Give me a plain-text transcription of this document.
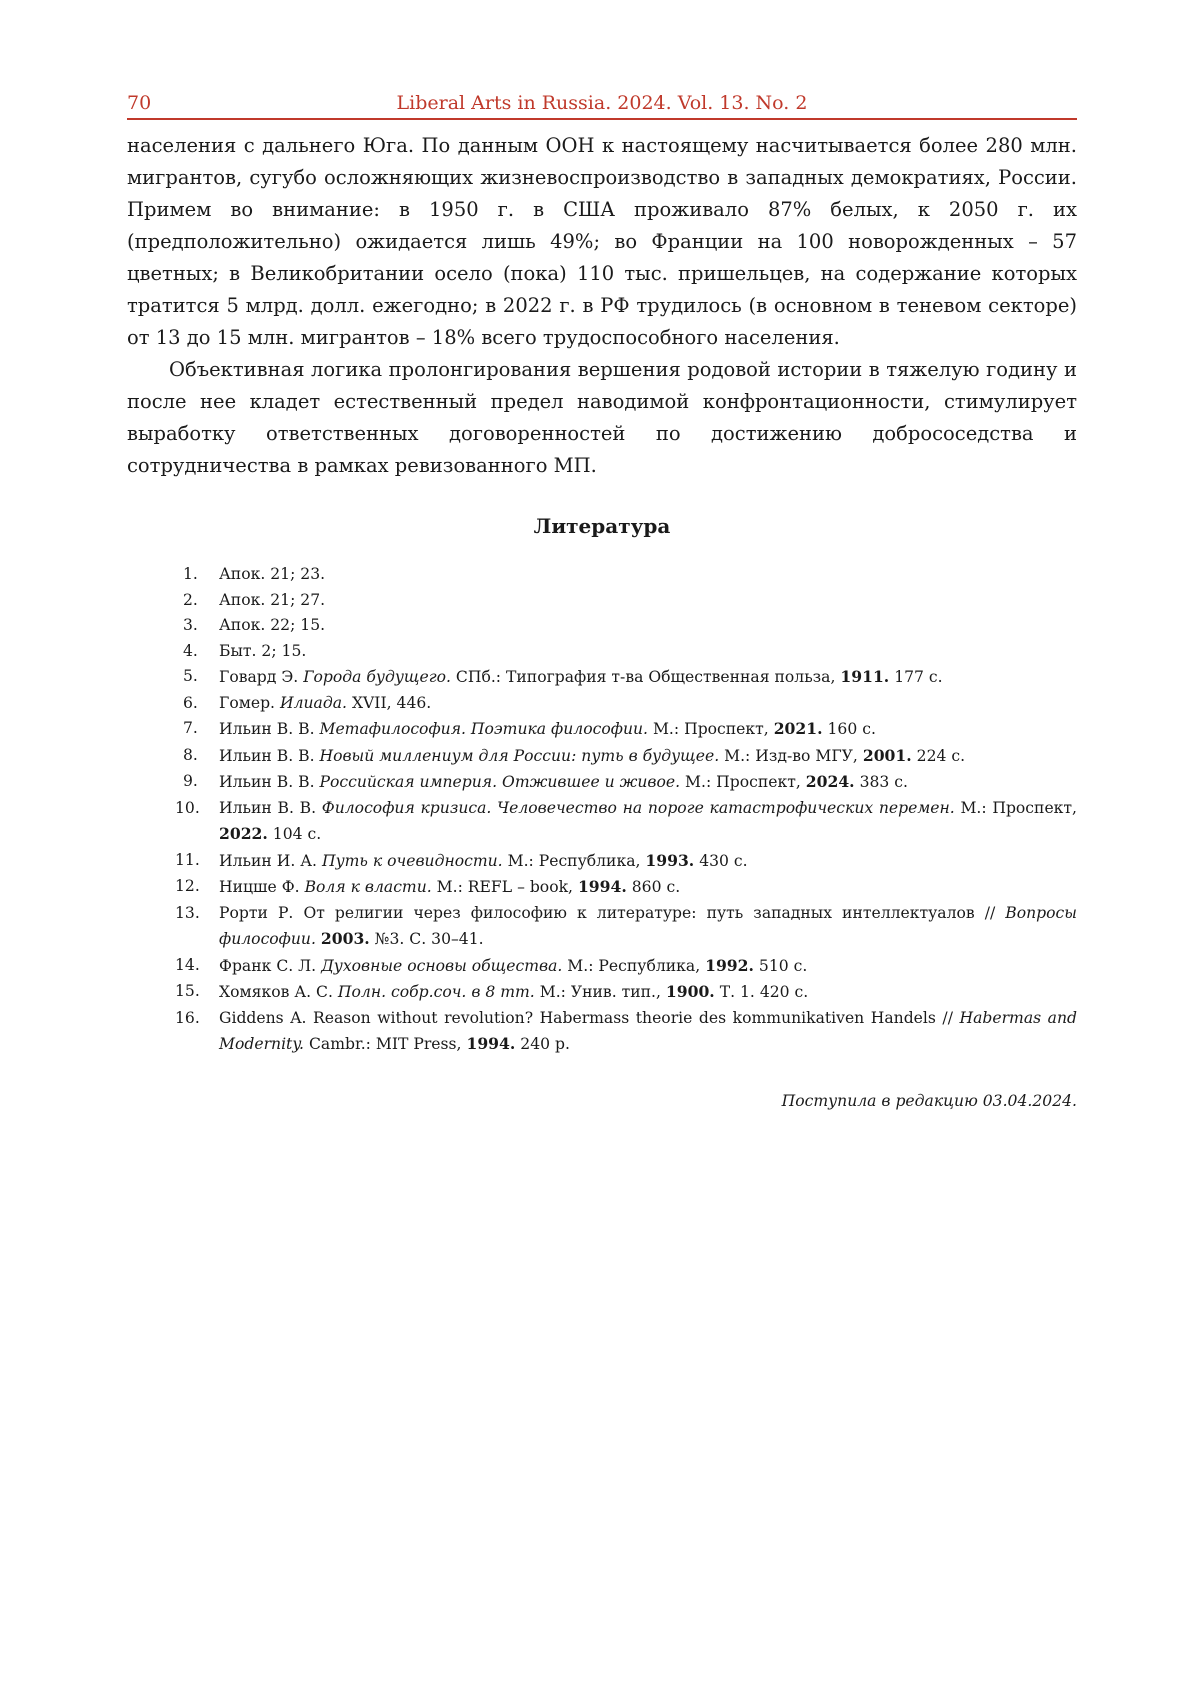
70	Liberal Arts in Russia. 2024. Vol. 13. No. 2

населения с дальнего Юга. По данным ООН к настоящему насчитывается более 280 млн. мигрантов, сугубо осложняющих жизневоспроизводство в западных демократиях, России. Примем во внимание: в 1950 г. в США проживало 87% белых, к 2050 г. их (предположительно) ожидается лишь 49%; во Франции на 100 новорожденных – 57 цветных; в Великобритании осело (пока) 110 тыс. пришельцев, на содержание которых тратится 5 млрд. долл. ежегодно; в 2022 г. в РФ трудилось (в основном в теневом секторе) от 13 до 15 млн. мигрантов – 18% всего трудоспособного населения.

Объективная логика пролонгирования вершения родовой истории в тяжелую годину и после нее кладет естественный предел наводимой конфронтационности, стимулирует выработку ответственных договоренностей по достижению добрососедства и сотрудничества в рамках ревизованного МП.

Литература
1. Апок. 21; 23.
2. Апок. 21; 27.
3. Апок. 22; 15.
4. Быт. 2; 15.
5. Говард Э. Города будущего. СПб.: Типография т-ва Общественная польза, 1911. 177 с.
6. Гомер. Илиада. XVII, 446.
7. Ильин В. В. Метафилософия. Поэтика философии. М.: Проспект, 2021. 160 с.
8. Ильин В. В. Новый миллениум для России: путь в будущее. М.: Изд-во МГУ, 2001. 224 с.
9. Ильин В. В. Российская империя. Отжившее и живое. М.: Проспект, 2024. 383 с.
10. Ильин В. В. Философия кризиса. Человечество на пороге катастрофических перемен. М.: Проспект, 2022. 104 с.
11. Ильин И. А. Путь к очевидности. М.: Республика, 1993. 430 с.
12. Ницше Ф. Воля к власти. М.: REFL – book, 1994. 860 с.
13. Рорти Р. От религии через философию к литературе: путь западных интеллектуалов // Вопросы философии. 2003. №3. С. 30–41.
14. Франк С. Л. Духовные основы общества. М.: Республика, 1992. 510 с.
15. Хомяков А. С. Полн. собр.соч. в 8 тт. М.: Унив. тип., 1900. Т. 1. 420 с.
16. Giddens A. Reason without revolution? Habermass theorie des kommunikativen Handels // Habermas and Modernity. Cambr.: MIT Press, 1994. 240 p.
Поступила в редакцию 03.04.2024.
